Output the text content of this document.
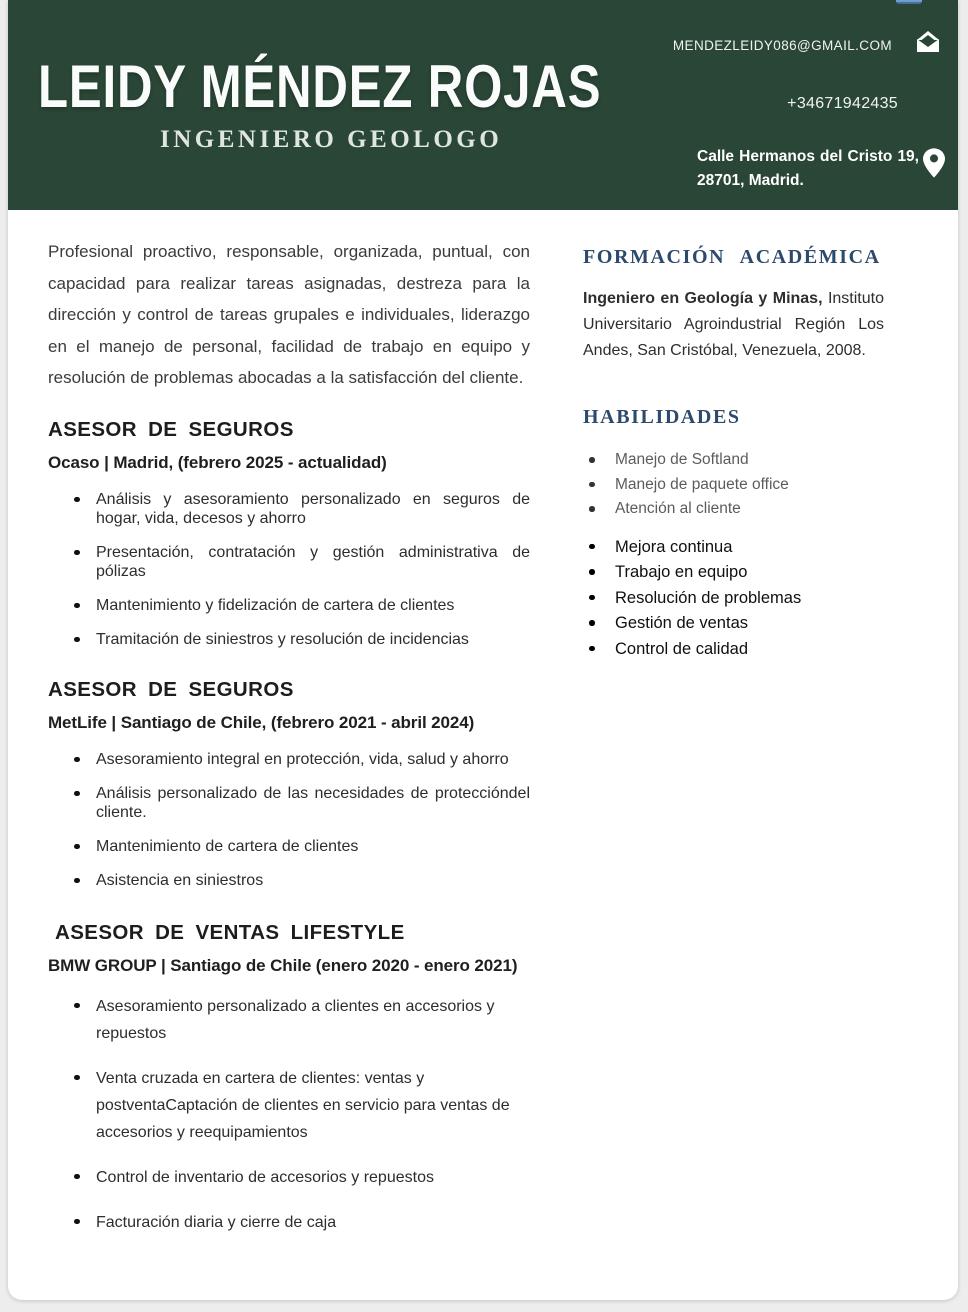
LEIDY MÉNDEZ ROJAS
INGENIERO GEOLOGO
MENDEZLEIDY086@GMAIL.COM
+34671942435
Calle Hermanos del Cristo 19, 28701, Madrid.

Profesional proactivo, responsable, organizada, puntual, con capacidad para realizar tareas asignadas, destreza para la dirección y control de tareas grupales e individuales, liderazgo en el manejo de personal, facilidad de trabajo en equipo y resolución de problemas abocadas a la satisfacción del cliente.

ASESOR DE SEGUROS
Ocaso | Madrid, (febrero 2025 - actualidad)
Análisis y asesoramiento personalizado en seguros de hogar, vida, decesos y ahorro
Presentación, contratación y gestión administrativa de pólizas
Mantenimiento y fidelización de cartera de clientes
Tramitación de siniestros y resolución de incidencias
ASESOR DE SEGUROS
MetLife | Santiago de Chile, (febrero 2021 - abril 2024)
Asesoramiento integral en protección, vida, salud y ahorro
Análisis personalizado de las necesidades de proteccióndel cliente.
Mantenimiento de cartera de clientes
Asistencia en siniestros
ASESOR DE VENTAS LIFESTYLE
BMW GROUP | Santiago de Chile (enero 2020 - enero 2021)
Asesoramiento personalizado a clientes en accesorios y repuestos
Venta cruzada en cartera de clientes: ventas y postventaCaptación de clientes en servicio para ventas de accesorios y reequipamientos
Control de inventario de accesorios y repuestos
Facturación diaria y cierre de caja
FORMACIÓN ACADÉMICA

Ingeniero en Geología y Minas, Instituto Universitario Agroindustrial Región Los Andes, San Cristóbal, Venezuela, 2008.

HABILIDADES
Manejo de Softland
Manejo de paquete office
Atención al cliente
Mejora continua
Trabajo en equipo
Resolución de problemas
Gestión de ventas
Control de calidad
